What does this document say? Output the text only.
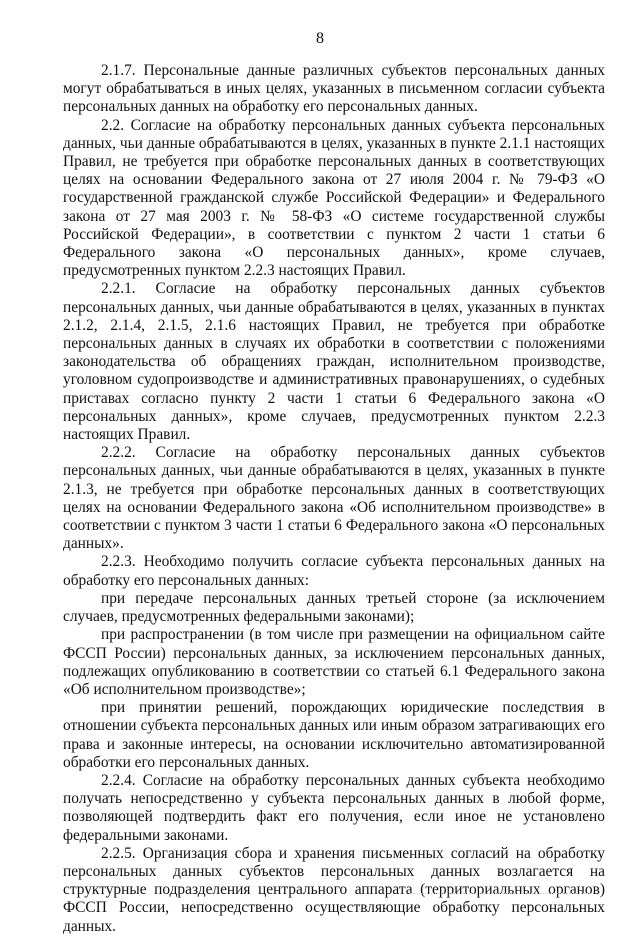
8

2.1.7. Персональные данные различных субъектов персональных данных могут обрабатываться в иных целях, указанных в письменном согласии субъекта персональных данных на обработку его персональных данных.

2.2. Согласие на обработку персональных данных субъекта персональных данных, чьи данные обрабатываются в целях, указанных в пункте 2.1.1 настоящих Правил, не требуется при обработке персональных данных в соответствующих целях на основании Федерального закона от 27 июля 2004 г. № 79-ФЗ «О государственной гражданской службе Российской Федерации» и Федерального закона от 27 мая 2003 г. № 58-ФЗ «О системе государственной службы Российской Федерации», в соответствии с пунктом 2 части 1 статьи 6 Федерального закона «О персональных данных», кроме случаев, предусмотренных пунктом 2.2.3 настоящих Правил.

2.2.1. Согласие на обработку персональных данных субъектов персональных данных, чьи данные обрабатываются в целях, указанных в пунктах 2.1.2, 2.1.4, 2.1.5, 2.1.6 настоящих Правил, не требуется при обработке персональных данных в случаях их обработки в соответствии с положениями законодательства об обращениях граждан, исполнительном производстве, уголовном судопроизводстве и административных правонарушениях, о судебных приставах согласно пункту 2 части 1 статьи 6 Федерального закона «О персональных данных», кроме случаев, предусмотренных пунктом 2.2.3 настоящих Правил.

2.2.2. Согласие на обработку персональных данных субъектов персональных данных, чьи данные обрабатываются в целях, указанных в пункте 2.1.3, не требуется при обработке персональных данных в соответствующих целях на основании Федерального закона «Об исполнительном производстве» в соответствии с пунктом 3 части 1 статьи 6 Федерального закона «О персональных данных».

2.2.3. Необходимо получить согласие субъекта персональных данных на обработку его персональных данных:

при передаче персональных данных третьей стороне (за исключением случаев, предусмотренных федеральными законами);

при распространении (в том числе при размещении на официальном сайте ФССП России) персональных данных, за исключением персональных данных, подлежащих опубликованию в соответствии со статьей 6.1 Федерального закона «Об исполнительном производстве»;

при принятии решений, порождающих юридические последствия в отношении субъекта персональных данных или иным образом затрагивающих его права и законные интересы, на основании исключительно автоматизированной обработки его персональных данных.

2.2.4. Согласие на обработку персональных данных субъекта необходимо получать непосредственно у субъекта персональных данных в любой форме, позволяющей подтвердить факт его получения, если иное не установлено федеральными законами.

2.2.5. Организация сбора и хранения письменных согласий на обработку персональных данных субъектов персональных данных возлагается на структурные подразделения центрального аппарата (территориальных органов) ФССП России, непосредственно осуществляющие обработку персональных данных.
